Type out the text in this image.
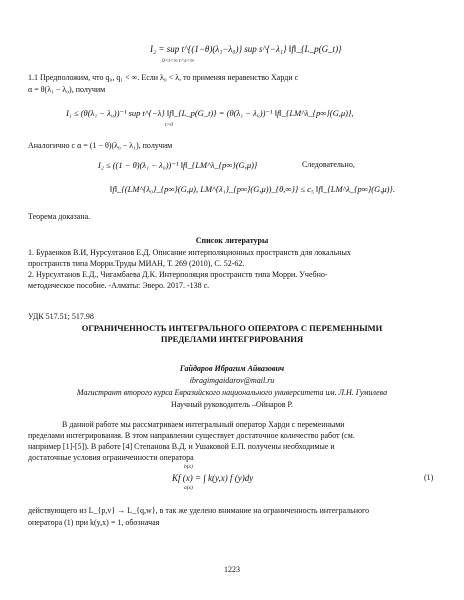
I₂ = sup t^{(1−θ)(λ₁−λ₀)} sup s^{−λ₁} ‖f‖_{L_p(G_t)}
0<t<∞ t<s<∞
1.1 Предположим, что q₀, q₁ < ∞. Если λ₀ < λ, то применяя неравенство Харди с
α = θ(λ₁ − λ₀), получим
I₁ ≤ (θ(λ₁ − λ₀))⁻¹ sup t^{−λ} ‖f‖_{L_p(G_t)} = (θ(λ₁ − λ₀))⁻¹ ‖f‖_{LM^λ_{p∞}(G,μ)},
t>0
Аналогично с α = (1 − θ)(λ₀ − λ₁), получим
I₂ ≤ ((1 − θ)(λ₁ − λ₀))⁻¹ ‖f‖_{LM^λ_{p∞}(G,μ)}	Следовательно,
‖f‖_{(LM^{λ₀}_{p∞}(G,μ), LM^{λ₁}_{p∞}(G,μ))_{θ,∞}} ≤ c₅ ‖f‖_{LM^λ_{p∞}(G,μ)}.
Теорема доказана.
Список литературы
1. Бураенков В.И, Нурсултанов Е.Д. Описание интерполяционных пространств для локальных
пространств типа Морри.Труды МИАН, Т. 269 (2010), С. 52-62.
2. Нурсултанов Е.Д., Чигамбаева Д.К. Интерполяция пространств типа Морри. Учебно-
методическое пособие. -Алматы: Эверо. 2017. -138 с.
УДК 517.51; 517.98
ОГРАНИЧЕННОСТЬ ИНТЕГРАЛЬНОГО ОПЕРАТОРА С ПЕРЕМЕННЫМИ
ПРЕДЕЛАМИ ИНТЕГРИРОВАНИЯ
Гайдаров Ибрагим Айвазович
ibragimgaidarov@mail.ru
Магистрант второго курса Евразийского национального университета им. Л.Н. Гумилева
Научный руководитель –Ойнаров Р.
В данной работе мы рассматриваем интегральный оператор Харди с переменными
пределами интегрирования. В этом направлении существует достаточное количество работ (см.
например [1]-[5]). В работе [4] Степанова В.Д. и Ушаковой Е.П. получены необходимые и
достаточные условия ограниченности оператора
b(x)
Kf (x) = ∫ k(y,x) f (y)dy
a(x)
(1)
действующего из L_{p,v} → L_{q,w}, в так же уделено внимание на ограниченность интегрального
оператора (1) при k(y,x) = 1, обозначая
1223
